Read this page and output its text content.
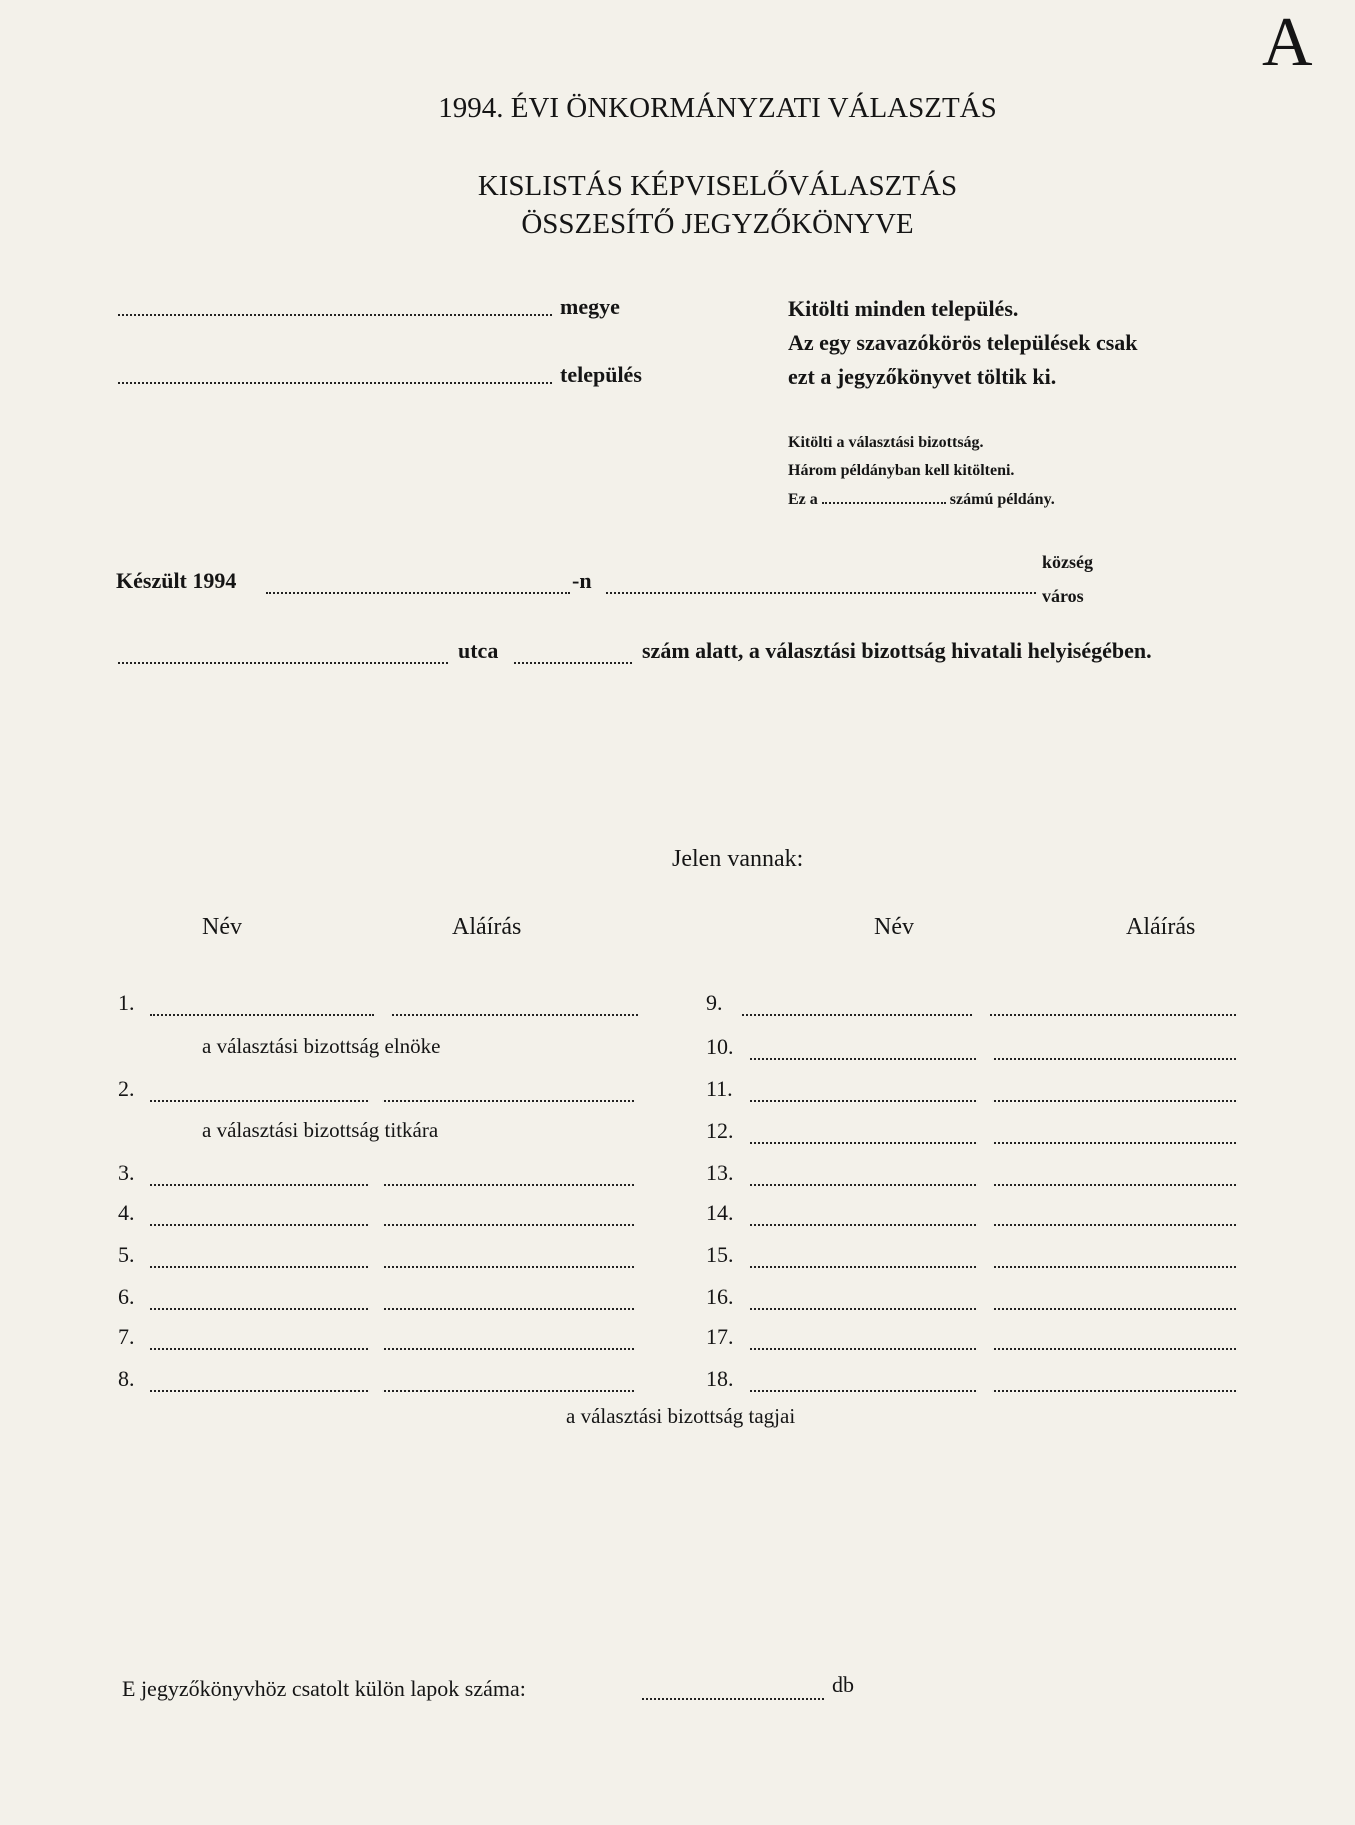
A
1994. ÉVI ÖNKORMÁNYZATI VÁLASZTÁS
KISLISTÁS KÉPVISELŐVÁLASZTÁS
ÖSSZESÍTŐ JEGYZŐKÖNYVE
megye
település
Kitölti minden település.
Az egy szavazókörös települések csak
ezt a jegyzőkönyvet töltik ki.
Kitölti a választási bizottság.
Három példányban kell kitölteni.
Ez a	számú példány.
Készült 1994	-n
község
város
utca	szám alatt, a választási bizottság hivatali helyiségében.
Jelen vannak:
Név	Aláírás	Név	Aláírás
1.
a választási bizottság elnöke
2.
a választási bizottság titkára
3.
4.
5.
6.
7.
8.
9.
10.
11.
12.
13.
14.
15.
16.
17.
18.
a választási bizottság tagjai
E jegyzőkönyvhöz csatolt külön lapok száma:	db
